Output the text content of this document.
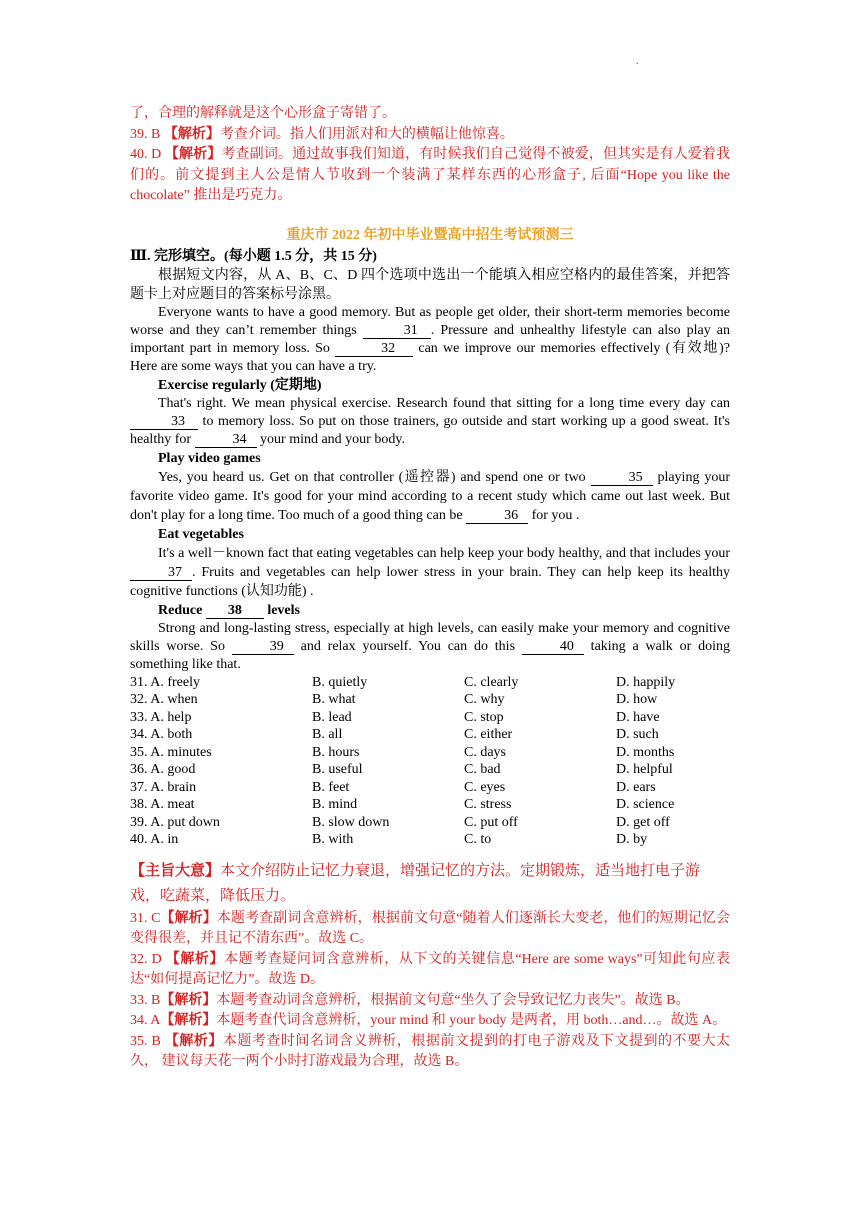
.

了，合理的解释就是这个心形盒子寄错了。

39. B 【解析】考查介词。指人们用派对和大的横幅让他惊喜。

40. D 【解析】考查副词。通过故事我们知道，有时候我们自己觉得不被爱，但其实是有人爱着我们的。前文提到主人公是情人节收到一个装满了某样东西的心形盒子, 后面“Hope you like the chocolate” 推出是巧克力。

重庆市 2022 年初中毕业暨高中招生考试预测三
Ⅲ. 完形填空。(每小题 1.5 分，共 15 分)

根据短文内容，从 A、B、C、D 四个选项中选出一个能填入相应空格内的最佳答案，并把答题卡上对应题目的答案标号涂黑。

Everyone wants to have a good memory. But as people get older, their short-term memories become worse and they can’t remember things	31 . Pressure and unhealthy lifestyle can also play an important part in memory loss. So	32 can we improve our memories effectively (有效地)? Here are some ways that you can have a try.

Exercise regularly (定期地)

That's right. We mean physical exercise. Research found that sitting for a long time every day can 33 to memory loss. So put on those trainers, go outside and start working up a good sweat. It's healthy for	34 your mind and your body.

Play video games

Yes, you heard us. Get on that controller (遥控器) and spend one or two	35 playing your favorite video game. It's good for your mind according to a recent study which came out last week. But don't play for a long time. Too much of a good thing can be	36 for you .

Eat vegetables

It's a well－known fact that eating vegetables can help keep your body healthy, and that includes your 37 . Fruits and vegetables can help lower stress in your brain. They can help keep its healthy cognitive functions (认知功能) .

Reduce 38 levels

Strong and long-lasting stress, especially at high levels, can easily make your memory and cognitive skills worse. So	39 and relax yourself. You can do this	40 taking a walk or doing something like that.

31. A. freely	B. quietly	C. clearly	D. happily
32. A. when	B. what	C. why	D. how
33. A. help	B. lead	C. stop	D. have
34. A. both	B. all	C. either	D. such
35. A. minutes	B. hours	C. days	D. months
36. A. good	B. useful	C. bad	D. helpful
37. A. brain	B. feet	C. eyes	D. ears
38. A. meat	B. mind	C. stress	D. science
39. A. put down	B. slow down	C. put off	D. get off
40. A. in	B. with	C. to	D. by

【主旨大意】本文介绍防止记忆力衰退，增强记忆的方法。定期锻炼，适当地打电子游戏，吃蔬菜，降低压力。

31. C【解析】本题考查副词含意辨析，根据前文句意“随着人们逐渐长大变老，他们的短期记忆会变得很差，并且记不清东西”。故选 C。

32. D 【解析】本题考查疑问词含意辨析，从下文的关键信息“Here are some ways”可知此句应表达“如何提高记忆力”。故选 D。

33. B【解析】本题考查动词含意辨析，根据前文句意“坐久了会导致记忆力丧失”。故选 B。

34. A【解析】本题考查代词含意辨析，your mind 和 your body 是两者，用 both…and…。故选 A。

35. B 【解析】本题考查时间名词含义辨析，根据前文提到的打电子游戏及下文提到的不要大太久， 建议每天花一两个小时打游戏最为合理，故选 B。
